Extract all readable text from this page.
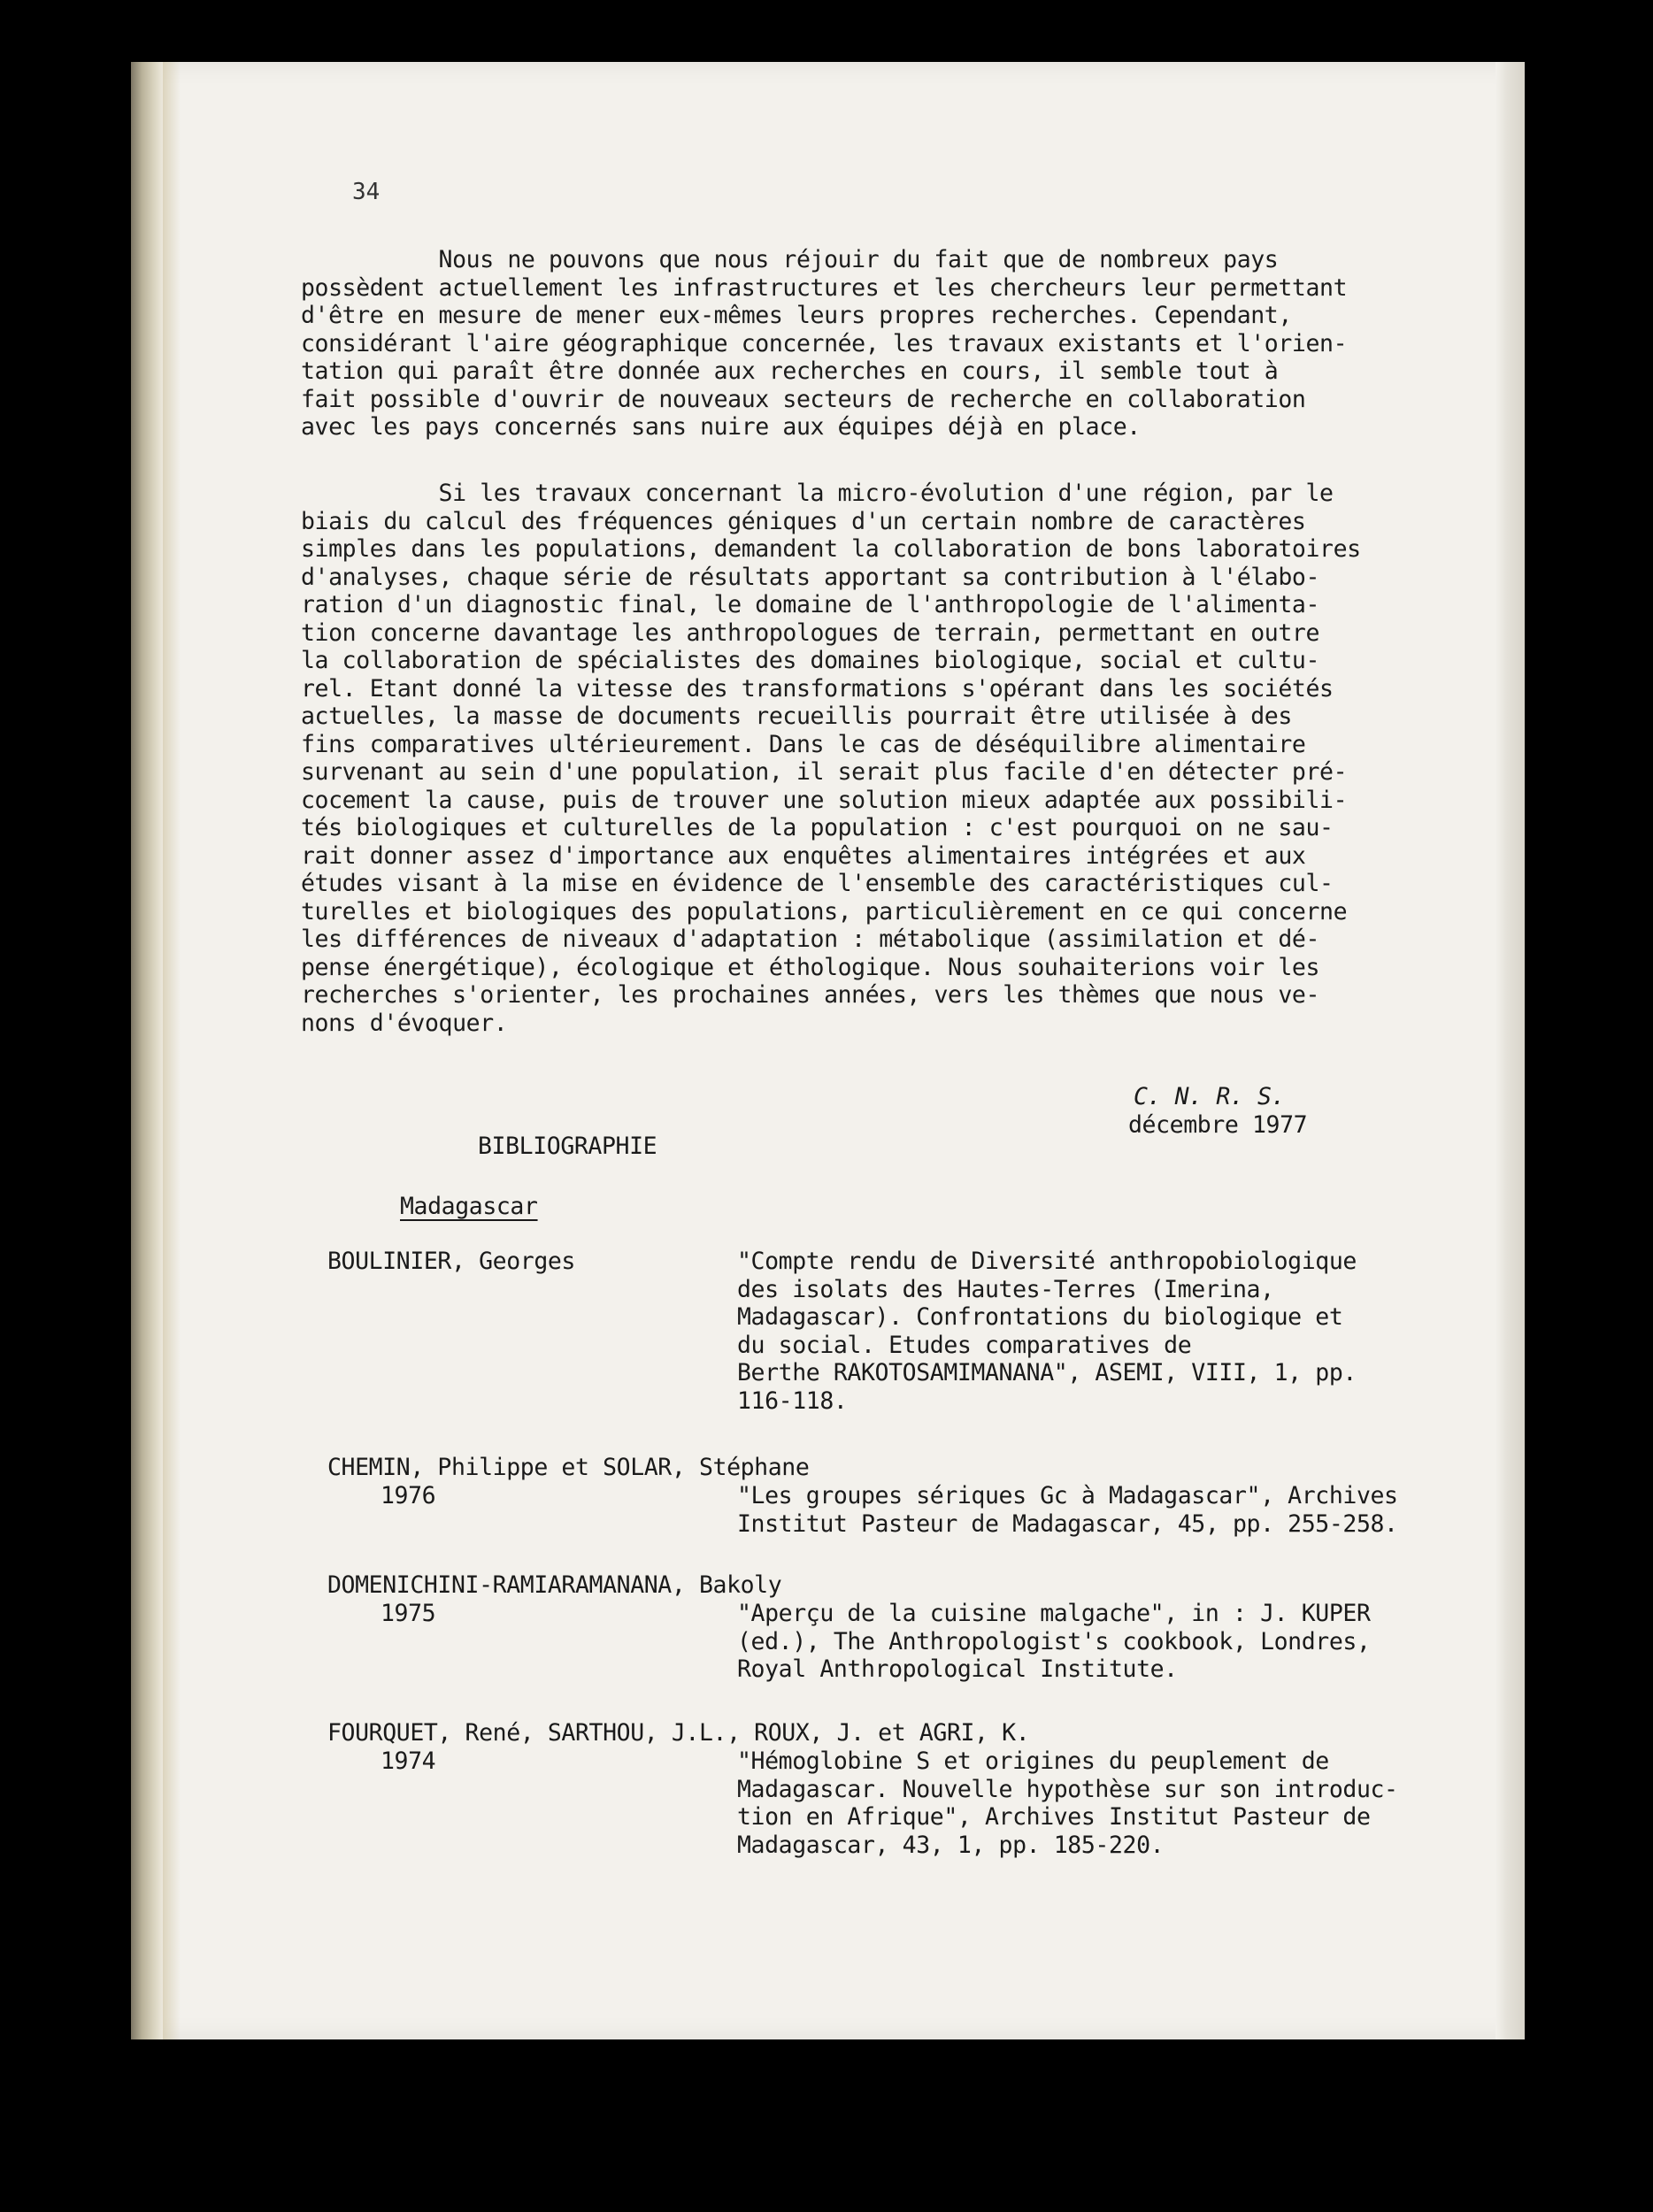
34
Nous ne pouvons que nous réjouir du fait que de nombreux pays
possèdent actuellement les infrastructures et les chercheurs leur permettant
d'être en mesure de mener eux-mêmes leurs propres recherches. Cependant,
considérant l'aire géographique concernée, les travaux existants et l'orien-
tation qui paraît être donnée aux recherches en cours, il semble tout à
fait possible d'ouvrir de nouveaux secteurs de recherche en collaboration
avec les pays concernés sans nuire aux équipes déjà en place.
Si les travaux concernant la micro-évolution d'une région, par le
biais du calcul des fréquences géniques d'un certain nombre de caractères
simples dans les populations, demandent la collaboration de bons laboratoires
d'analyses, chaque série de résultats apportant sa contribution à l'élabo-
ration d'un diagnostic final, le domaine de l'anthropologie de l'alimenta-
tion concerne davantage les anthropologues de terrain, permettant en outre
la collaboration de spécialistes des domaines biologique, social et cultu-
rel. Etant donné la vitesse des transformations s'opérant dans les sociétés
actuelles, la masse de documents recueillis pourrait être utilisée à des
fins comparatives ultérieurement. Dans le cas de déséquilibre alimentaire
survenant au sein d'une population, il serait plus facile d'en détecter pré-
cocement la cause, puis de trouver une solution mieux adaptée aux possibili-
tés biologiques et culturelles de la population : c'est pourquoi on ne sau-
rait donner assez d'importance aux enquêtes alimentaires intégrées et aux
études visant à la mise en évidence de l'ensemble des caractéristiques cul-
turelles et biologiques des populations, particulièrement en ce qui concerne
les différences de niveaux d'adaptation : métabolique (assimilation et dé-
pense énergétique), écologique et éthologique. Nous souhaiterions voir les
recherches s'orienter, les prochaines années, vers les thèmes que nous ve-
nons d'évoquer.
C. N. R. S.
décembre 1977
BIBLIOGRAPHIE
Madagascar
BOULINIER, Georges	"Compte rendu de Diversité anthropobiologique
des isolats des Hautes-Terres (Imerina,
Madagascar). Confrontations du biologique et
du social. Etudes comparatives de
Berthe RAKOTOSAMIMANANA", ASEMI, VIII, 1, pp.
116-118.
CHEMIN, Philippe et SOLAR, Stéphane
1976	"Les groupes sériques Gc à Madagascar", Archives
Institut Pasteur de Madagascar, 45, pp. 255-258.
DOMENICHINI-RAMIARAMANANA, Bakoly
1975	"Aperçu de la cuisine malgache", in : J. KUPER
(ed.), The Anthropologist's cookbook, Londres,
Royal Anthropological Institute.
FOURQUET, René, SARTHOU, J.L., ROUX, J. et AGRI, K.
1974	"Hémoglobine S et origines du peuplement de
Madagascar. Nouvelle hypothèse sur son introduc-
tion en Afrique", Archives Institut Pasteur de
Madagascar, 43, 1, pp. 185-220.
